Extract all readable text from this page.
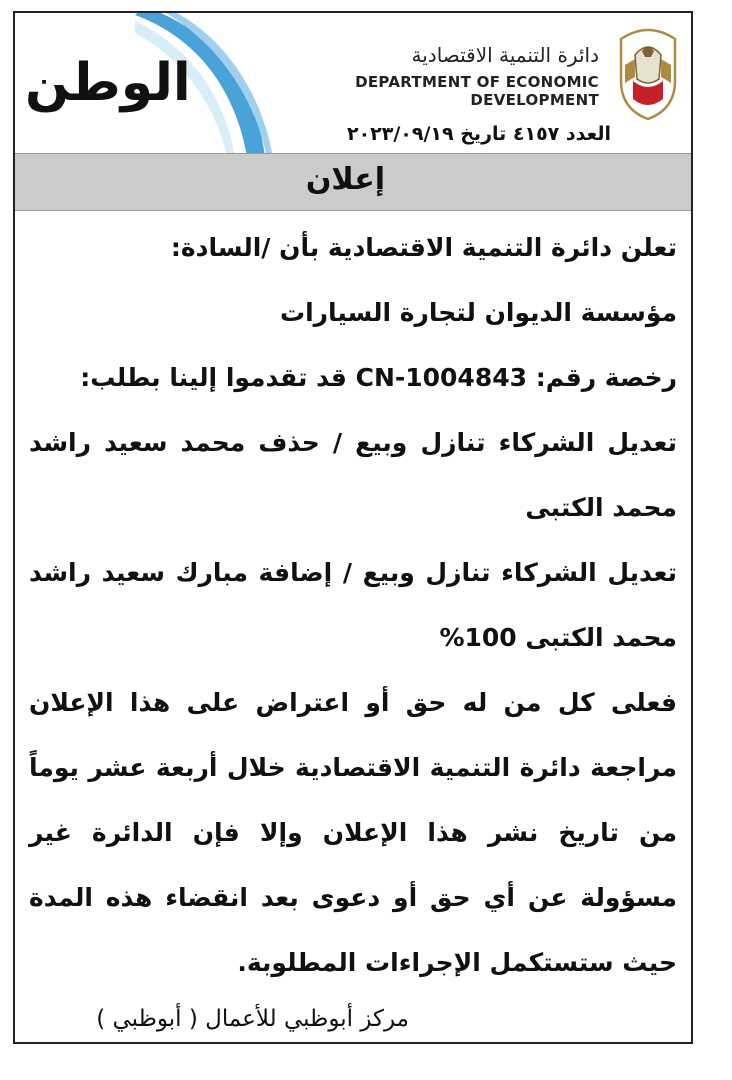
الوطن	دائرة التنمية الاقتصادية
DEPARTMENT OF ECONOMIC DEVELOPMENT
العدد ٤١٥٧ تاريخ ٢٠٢٣/٠٩/١٩
إعلان

تعلن دائرة التنمية الاقتصادية بأن /السادة:

مؤسسة الديوان لتجارة السيارات

رخصة رقم: CN-1004843 قد تقدموا إلينا بطلب:

تعديل الشركاء تنازل وبيع / حذف محمد سعيد راشد محمد الكتبى

تعديل الشركاء تنازل وبيع / إضافة مبارك سعيد راشد محمد الكتبى 100%

فعلى كل من له حق أو اعتراض على هذا الإعلان مراجعة دائرة التنمية الاقتصادية خلال أربعة عشر يوماً من تاريخ نشر هذا الإعلان وإلا فإن الدائرة غير مسؤولة عن أي حق أو دعوى بعد انقضاء هذه المدة حيث ستستكمل الإجراءات المطلوبة.

مركز أبوظبي للأعمال ( أبوظبي )
